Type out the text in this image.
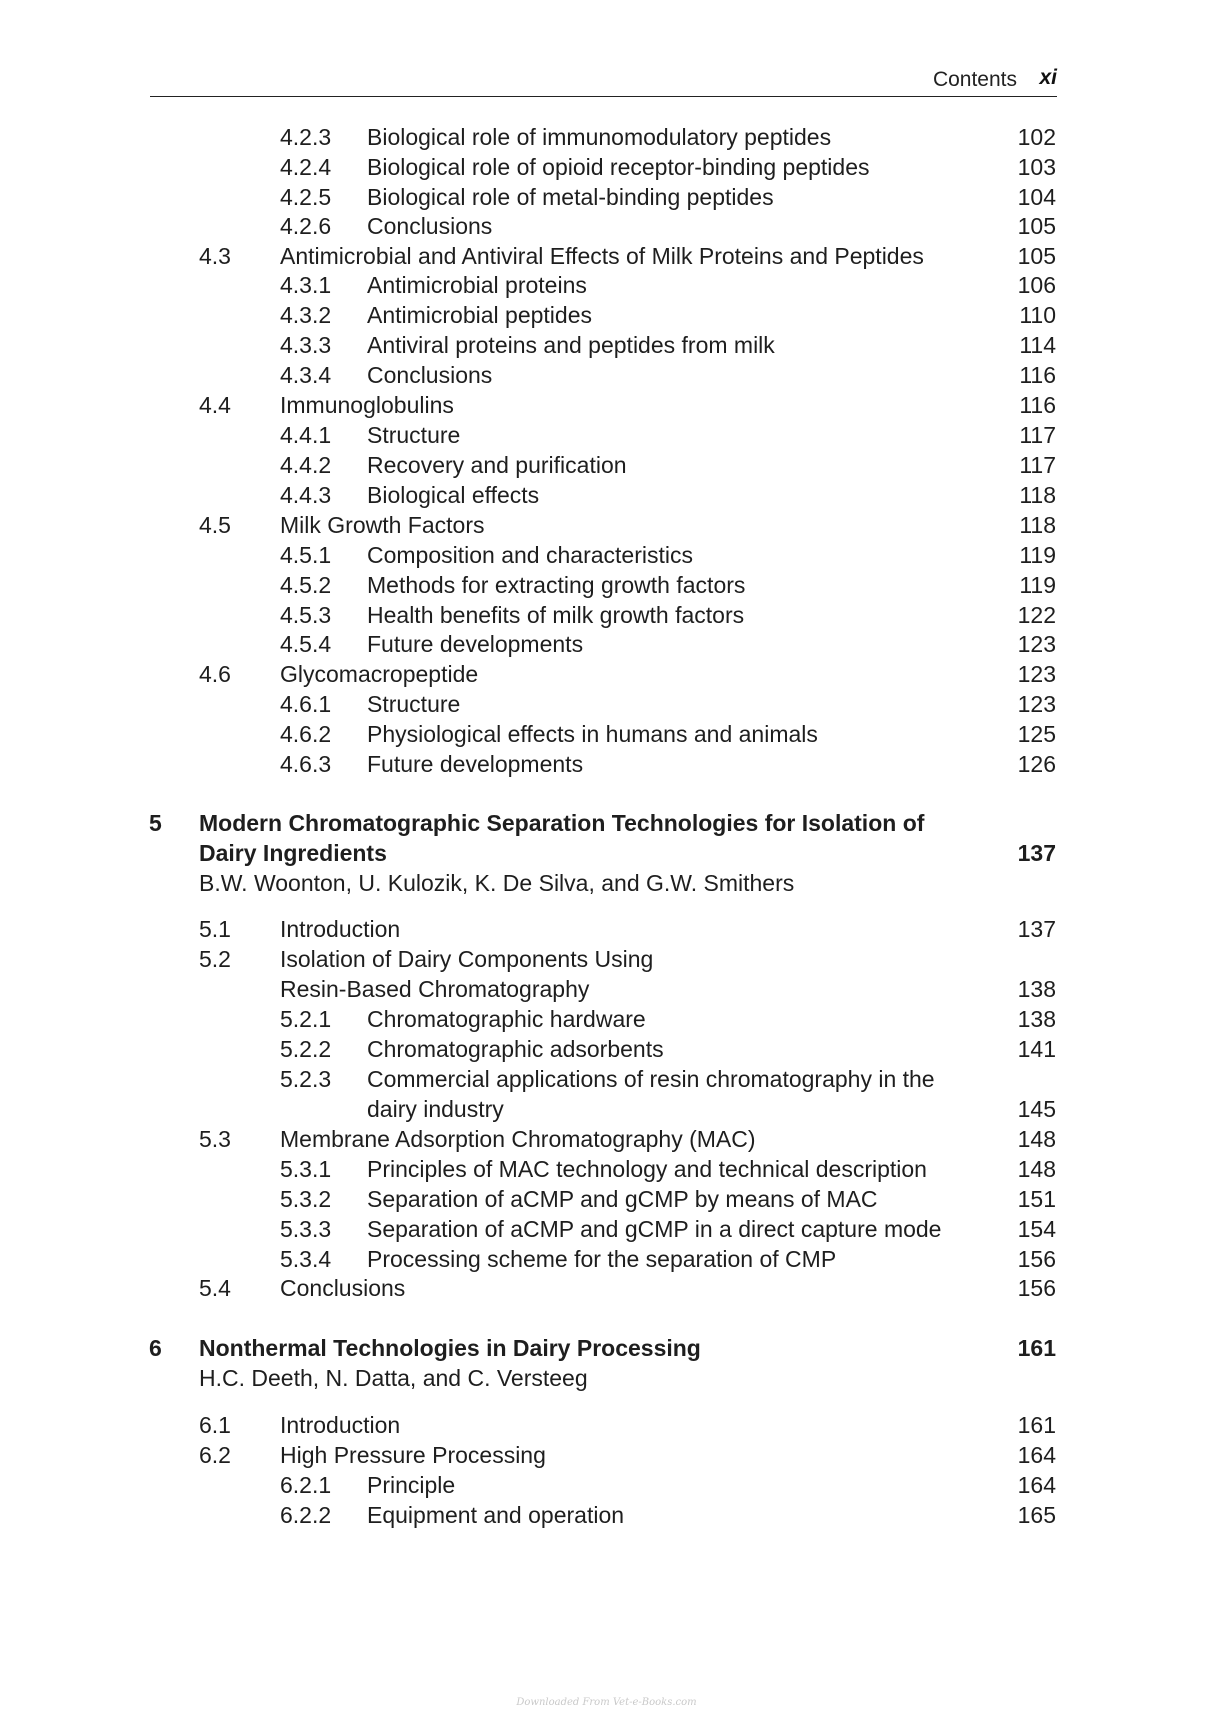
Contents xi
4.2.3 Biological role of immunomodulatory peptides	102
4.2.4 Biological role of opioid receptor-binding peptides	103
4.2.5 Biological role of metal-binding peptides	104
4.2.6 Conclusions	105
4.3 Antimicrobial and Antiviral Effects of Milk Proteins and Peptides	105
4.3.1 Antimicrobial proteins	106
4.3.2 Antimicrobial peptides	110
4.3.3 Antiviral proteins and peptides from milk	114
4.3.4 Conclusions	116
4.4 Immunoglobulins	116
4.4.1 Structure	117
4.4.2 Recovery and purification	117
4.4.3 Biological effects	118
4.5 Milk Growth Factors	118
4.5.1 Composition and characteristics	119
4.5.2 Methods for extracting growth factors	119
4.5.3 Health benefits of milk growth factors	122
4.5.4 Future developments	123
4.6 Glycomacropeptide	123
4.6.1 Structure	123
4.6.2 Physiological effects in humans and animals	125
4.6.3 Future developments	126
5 Modern Chromatographic Separation Technologies for Isolation of
Dairy Ingredients	137
B.W. Woonton, U. Kulozik, K. De Silva, and G.W. Smithers
5.1 Introduction	137
5.2 Isolation of Dairy Components Using
Resin-Based Chromatography	138
5.2.1 Chromatographic hardware	138
5.2.2 Chromatographic adsorbents	141
5.2.3 Commercial applications of resin chromatography in the
dairy industry	145
5.3 Membrane Adsorption Chromatography (MAC)	148
5.3.1 Principles of MAC technology and technical description	148
5.3.2 Separation of aCMP and gCMP by means of MAC	151
5.3.3 Separation of aCMP and gCMP in a direct capture mode	154
5.3.4 Processing scheme for the separation of CMP	156
5.4 Conclusions	156
6 Nonthermal Technologies in Dairy Processing	161
H.C. Deeth, N. Datta, and C. Versteeg
6.1 Introduction	161
6.2 High Pressure Processing	164
6.2.1 Principle	164
6.2.2 Equipment and operation	165
Downloaded From Vet-e-Books.com
